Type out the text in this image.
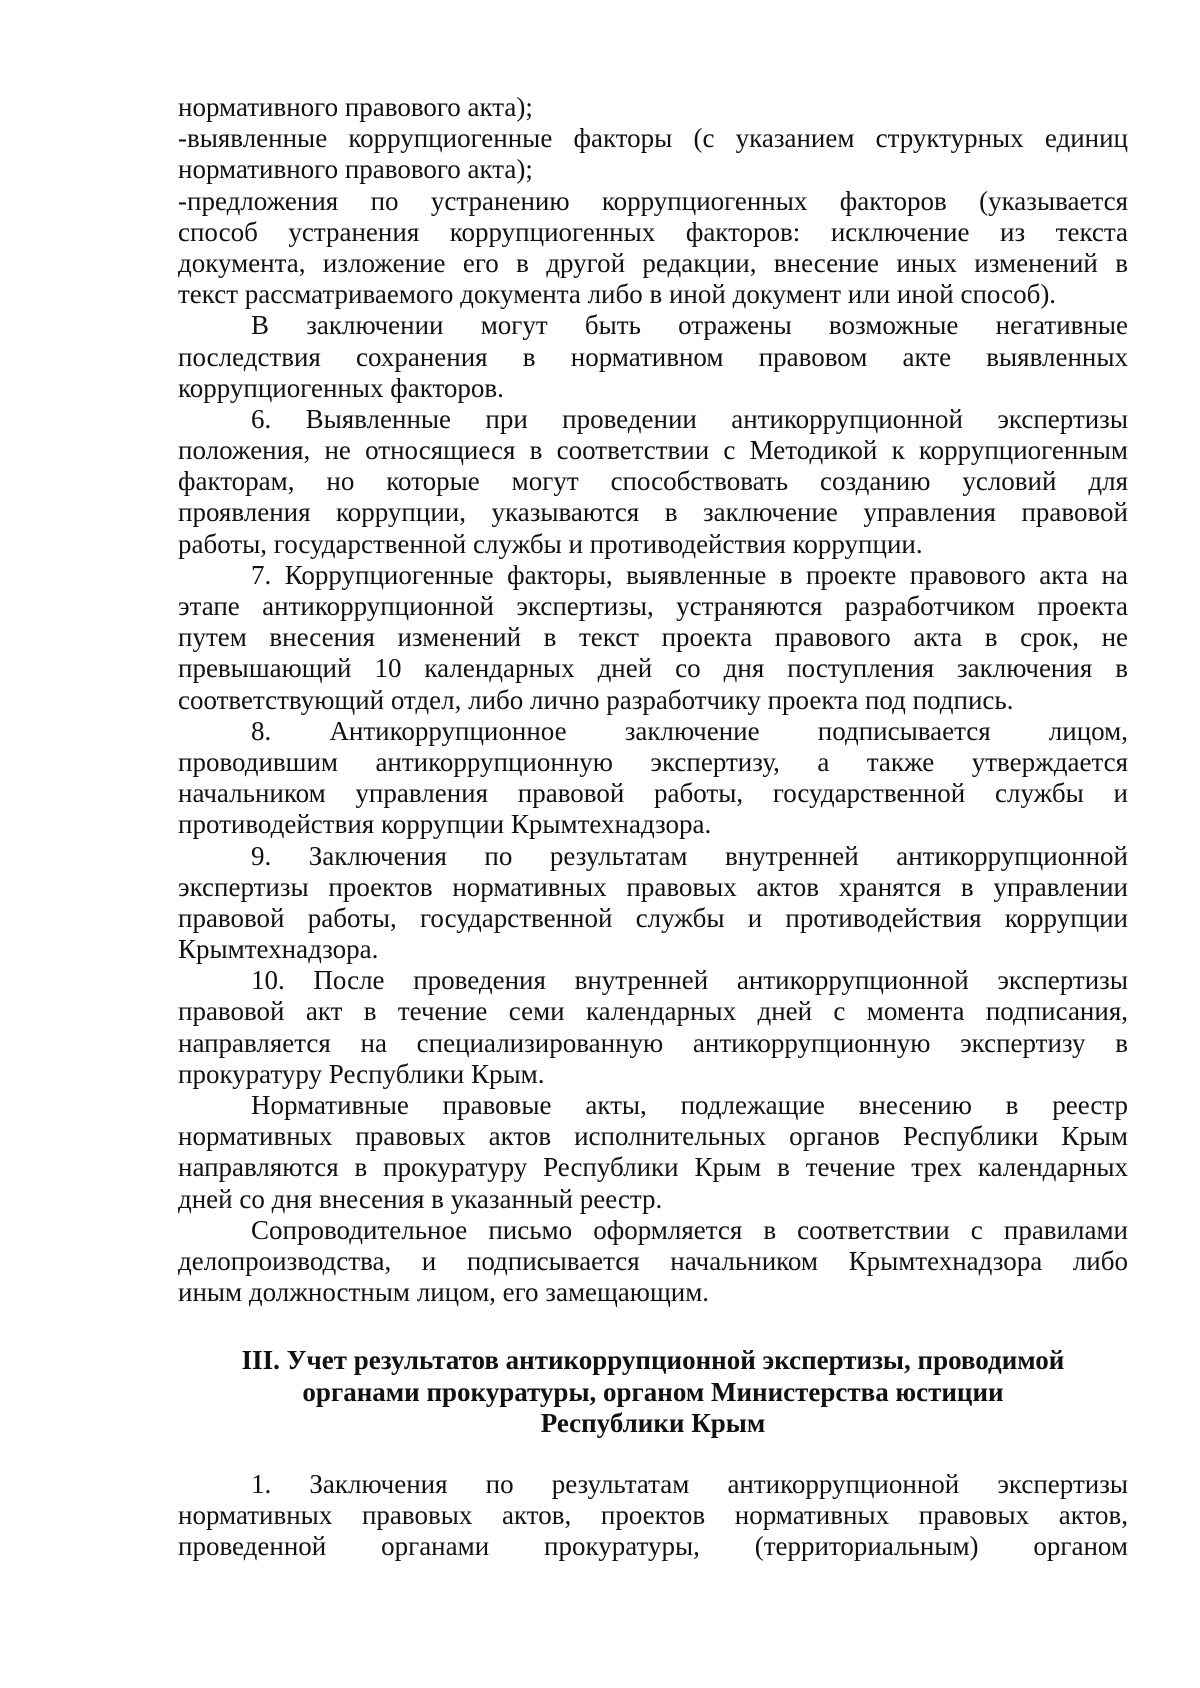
нормативного правового акта);
-выявленные коррупциогенные факторы (с указанием структурных единиц
нормативного правового акта);
-предложения по устранению коррупциогенных факторов (указывается
способ устранения коррупциогенных факторов: исключение из текста
документа, изложение его в другой редакции, внесение иных изменений в
текст рассматриваемого документа либо в иной документ или иной способ).
В заключении могут быть отражены возможные негативные
последствия сохранения в нормативном правовом акте выявленных
коррупциогенных факторов.
6. Выявленные при проведении антикоррупционной экспертизы
положения, не относящиеся в соответствии с Методикой к коррупциогенным
факторам, но которые могут способствовать созданию условий для
проявления коррупции, указываются в заключение управления правовой
работы, государственной службы и противодействия коррупции.
7. Коррупциогенные факторы, выявленные в проекте правового акта на
этапе антикоррупционной экспертизы, устраняются разработчиком проекта
путем внесения изменений в текст проекта правового акта в срок, не
превышающий 10 календарных дней со дня поступления заключения в
соответствующий отдел, либо лично разработчику проекта под подпись.
8. Антикоррупционное заключение подписывается лицом,
проводившим антикоррупционную экспертизу, а также утверждается
начальником управления правовой работы, государственной службы и
противодействия коррупции Крымтехнадзора.
9. Заключения по результатам внутренней антикоррупционной
экспертизы проектов нормативных правовых актов хранятся в управлении
правовой работы, государственной службы и противодействия коррупции
Крымтехнадзора.
10. После проведения внутренней антикоррупционной экспертизы
правовой акт в течение семи календарных дней с момента подписания,
направляется на специализированную антикоррупционную экспертизу в
прокуратуру Республики Крым.
Нормативные правовые акты, подлежащие внесению в реестр
нормативных правовых актов исполнительных органов Республики Крым
направляются в прокуратуру Республики Крым в течение трех календарных
дней со дня внесения в указанный реестр.
Сопроводительное письмо оформляется в соответствии с правилами
делопроизводства, и подписывается начальником Крымтехнадзора либо
иным должностным лицом, его замещающим.
III. Учет результатов антикоррупционной экспертизы, проводимой
органами прокуратуры, органом Министерства юстиции
Республики Крым
1. Заключения по результатам антикоррупционной экспертизы
нормативных правовых актов, проектов нормативных правовых актов,
проведенной органами прокуратуры, (территориальным) органом
